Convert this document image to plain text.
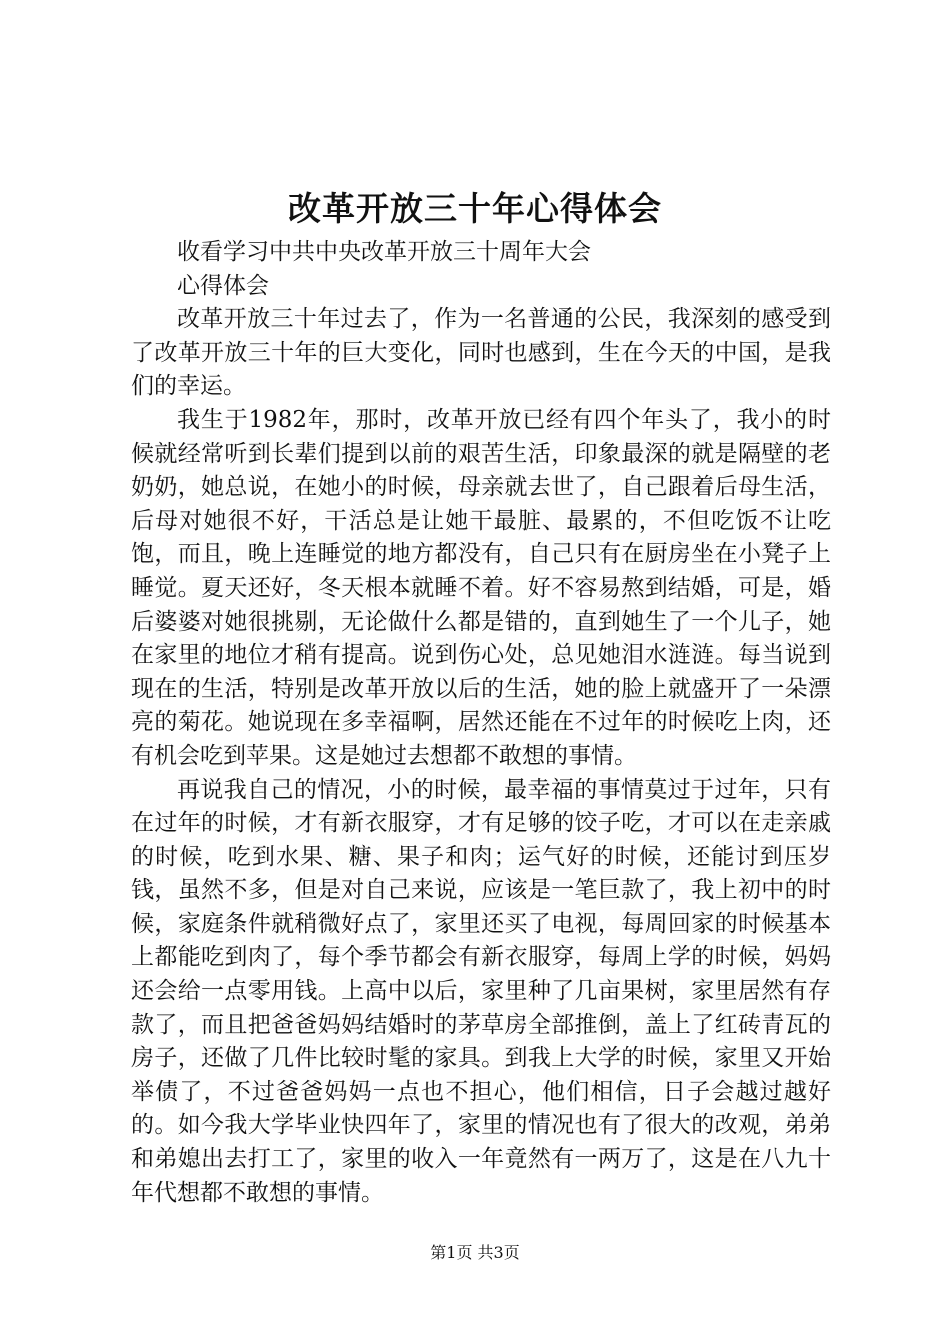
改革开放三十年心得体会

收看学习中共中央改革开放三十周年大会

心得体会

改革开放三十年过去了，作为一名普通的公民，我深刻的感受到了改革开放三十年的巨大变化，同时也感到，生在今天的中国，是我们的幸运。

我生于1982年，那时，改革开放已经有四个年头了，我小的时候就经常听到长辈们提到以前的艰苦生活，印象最深的就是隔壁的老奶奶，她总说，在她小的时候，母亲就去世了，自己跟着后母生活，后母对她很不好，干活总是让她干最脏、最累的，不但吃饭不让吃饱，而且，晚上连睡觉的地方都没有，自己只有在厨房坐在小凳子上睡觉。夏天还好，冬天根本就睡不着。好不容易熬到结婚，可是，婚后婆婆对她很挑剔，无论做什么都是错的，直到她生了一个儿子，她在家里的地位才稍有提高。说到伤心处，总见她泪水涟涟。每当说到现在的生活，特别是改革开放以后的生活，她的脸上就盛开了一朵漂亮的菊花。她说现在多幸福啊，居然还能在不过年的时候吃上肉，还有机会吃到苹果。这是她过去想都不敢想的事情。

再说我自己的情况，小的时候，最幸福的事情莫过于过年，只有在过年的时候，才有新衣服穿，才有足够的饺子吃，才可以在走亲戚的时候，吃到水果、糖、果子和肉；运气好的时候，还能讨到压岁钱，虽然不多，但是对自己来说，应该是一笔巨款了，我上初中的时候，家庭条件就稍微好点了，家里还买了电视，每周回家的时候基本上都能吃到肉了，每个季节都会有新衣服穿，每周上学的时候，妈妈还会给一点零用钱。上高中以后，家里种了几亩果树，家里居然有存款了，而且把爸爸妈妈结婚时的茅草房全部推倒，盖上了红砖青瓦的房子，还做了几件比较时髦的家具。到我上大学的时候，家里又开始举债了，不过爸爸妈妈一点也不担心，他们相信，日子会越过越好的。如今我大学毕业快四年了，家里的情况也有了很大的改观，弟弟和弟媳出去打工了，家里的收入一年竟然有一两万了，这是在八九十年代想都不敢想的事情。

第1页 共3页
